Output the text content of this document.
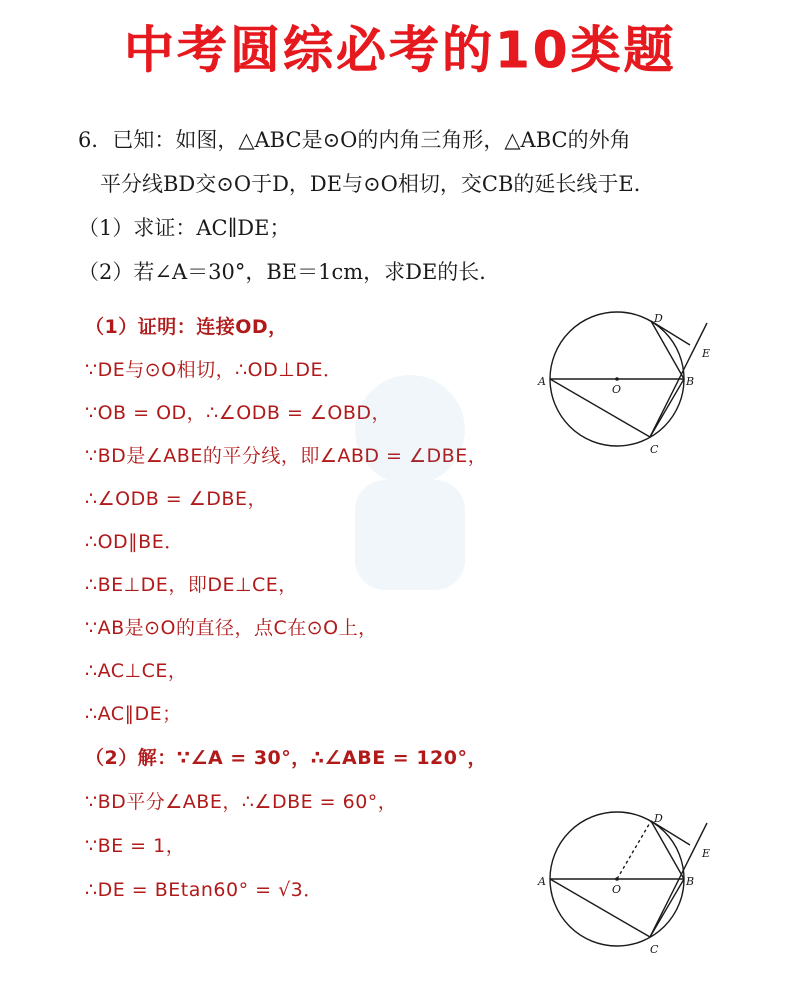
中考圆综必考的10类题
6．已知：如图，△ABC是⊙O的内角三角形，△ABC的外角
平分线BD交⊙O于D，DE与⊙O相切，交CB的延长线于E．
（1）求证：AC∥DE；
（2）若∠A＝30°，BE＝1cm，求DE的长．
（1）证明：连接OD，
∵DE与⊙O相切，∴OD⊥DE．
∵OB = OD，∴∠ODB = ∠OBD，
∵BD是∠ABE的平分线，即∠ABD = ∠DBE，
∴∠ODB = ∠DBE，
∴OD∥BE．
∴BE⊥DE，即DE⊥CE，
∵AB是⊙O的直径，点C在⊙O上，
∴AC⊥CE，
∴AC∥DE；
（2）解：∵∠A = 30°，∴∠ABE = 120°，
∵BD平分∠ABE，∴∠DBE = 60°，
∵BE = 1，
∴DE = BEtan60° = √3．
A
O
B
C
D
E
A
O
B
C
D
E
